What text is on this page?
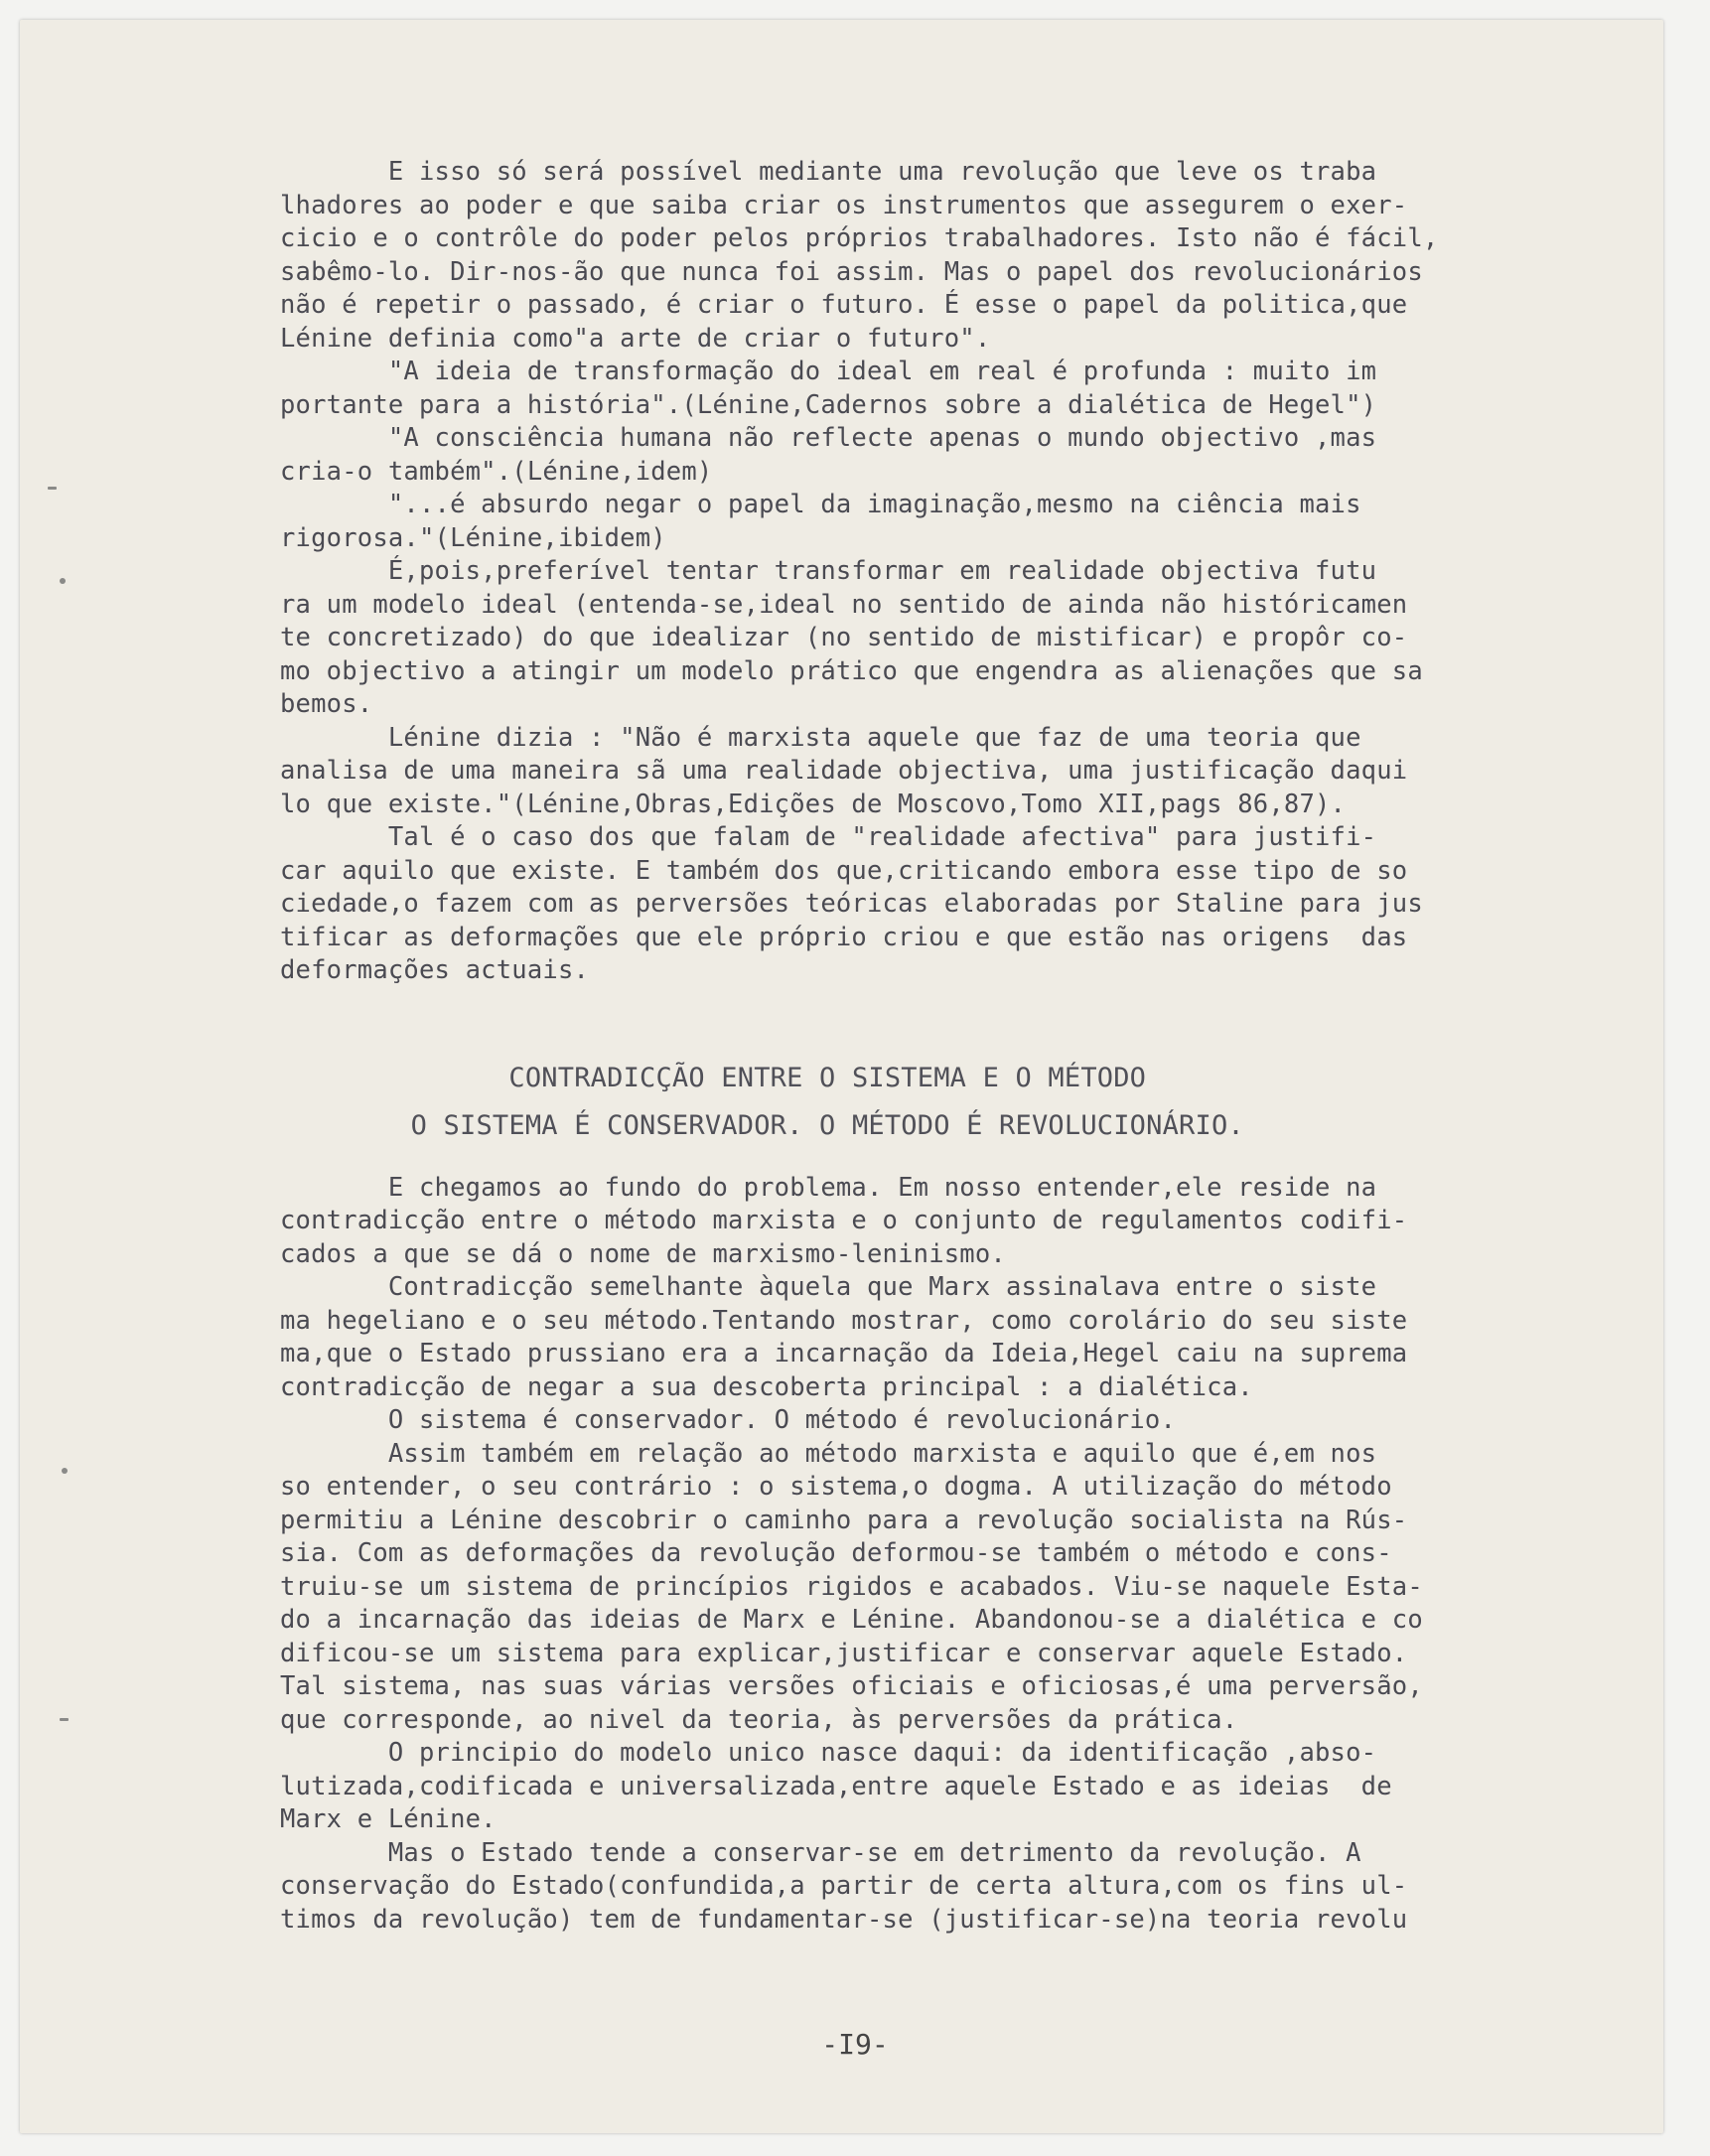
E isso só será possível mediante uma revolução que leve os traba
lhadores ao poder e que saiba criar os instrumentos que assegurem o exer-
cicio e o contrôle do poder pelos próprios trabalhadores. Isto não é fácil,
sabêmo-lo. Dir-nos-ão que nunca foi assim. Mas o papel dos revolucionários
não é repetir o passado, é criar o futuro. É esse o papel da politica,que
Lénine definia como"a arte de criar o futuro".
"A ideia de transformação do ideal em real é profunda : muito im
portante para a história".(Lénine,Cadernos sobre a dialética de Hegel")
"A consciência humana não reflecte apenas o mundo objectivo ,mas
cria-o também".(Lénine,idem)
"...é absurdo negar o papel da imaginação,mesmo na ciência mais
rigorosa."(Lénine,ibidem)
É,pois,preferível tentar transformar em realidade objectiva futu
ra um modelo ideal (entenda-se,ideal no sentido de ainda não históricamen
te concretizado) do que idealizar (no sentido de mistificar) e propôr co-
mo objectivo a atingir um modelo prático que engendra as alienações que sa
bemos.
Lénine dizia : "Não é marxista aquele que faz de uma teoria que
analisa de uma maneira sã uma realidade objectiva, uma justificação daqui
lo que existe."(Lénine,Obras,Edições de Moscovo,Tomo XII,pags 86,87).
Tal é o caso dos que falam de "realidade afectiva" para justifi-
car aquilo que existe. E também dos que,criticando embora esse tipo de so
ciedade,o fazem com as perversões teóricas elaboradas por Staline para jus
tificar as deformações que ele próprio criou e que estão nas origens  das
deformações actuais.
CONTRADICÇÃO ENTRE O SISTEMA E O MÉTODO
O SISTEMA É CONSERVADOR. O MÉTODO É REVOLUCIONÁRIO.
E chegamos ao fundo do problema. Em nosso entender,ele reside na
contradicção entre o método marxista e o conjunto de regulamentos codifi-
cados a que se dá o nome de marxismo-leninismo.
Contradicção semelhante àquela que Marx assinalava entre o siste
ma hegeliano e o seu método.Tentando mostrar, como corolário do seu siste
ma,que o Estado prussiano era a incarnação da Ideia,Hegel caiu na suprema
contradicção de negar a sua descoberta principal : a dialética.
O sistema é conservador. O método é revolucionário.
Assim também em relação ao método marxista e aquilo que é,em nos
so entender, o seu contrário : o sistema,o dogma. A utilização do método
permitiu a Lénine descobrir o caminho para a revolução socialista na Rús-
sia. Com as deformações da revolução deformou-se também o método e cons-
truiu-se um sistema de princípios rigidos e acabados. Viu-se naquele Esta-
do a incarnação das ideias de Marx e Lénine. Abandonou-se a dialética e co
dificou-se um sistema para explicar,justificar e conservar aquele Estado.
Tal sistema, nas suas várias versões oficiais e oficiosas,é uma perversão,
que corresponde, ao nivel da teoria, às perversões da prática.
O principio do modelo unico nasce daqui: da identificação ,abso-
lutizada,codificada e universalizada,entre aquele Estado e as ideias  de
Marx e Lénine.
Mas o Estado tende a conservar-se em detrimento da revolução. A
conservação do Estado(confundida,a partir de certa altura,com os fins ul-
timos da revolução) tem de fundamentar-se (justificar-se)na teoria revolu
-I9-
